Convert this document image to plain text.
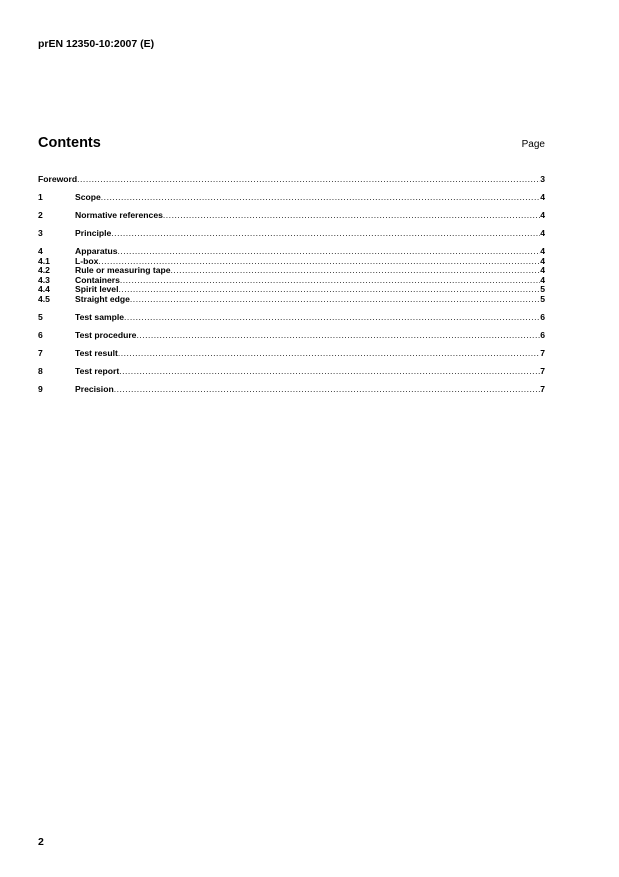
prEN 12350-10:2007 (E)
Contents	Page
Foreword .....	3
1	Scope .....	4
2	Normative references .....	4
3	Principle .....	4
4	Apparatus .....	4
4.1	L-box .....	4
4.2	Rule or measuring tape .....	4
4.3	Containers .....	4
4.4	Spirit level .....	5
4.5	Straight edge .....	5
5	Test sample .....	6
6	Test procedure .....	6
7	Test result .....	7
8	Test report .....	7
9	Precision .....	7
2
